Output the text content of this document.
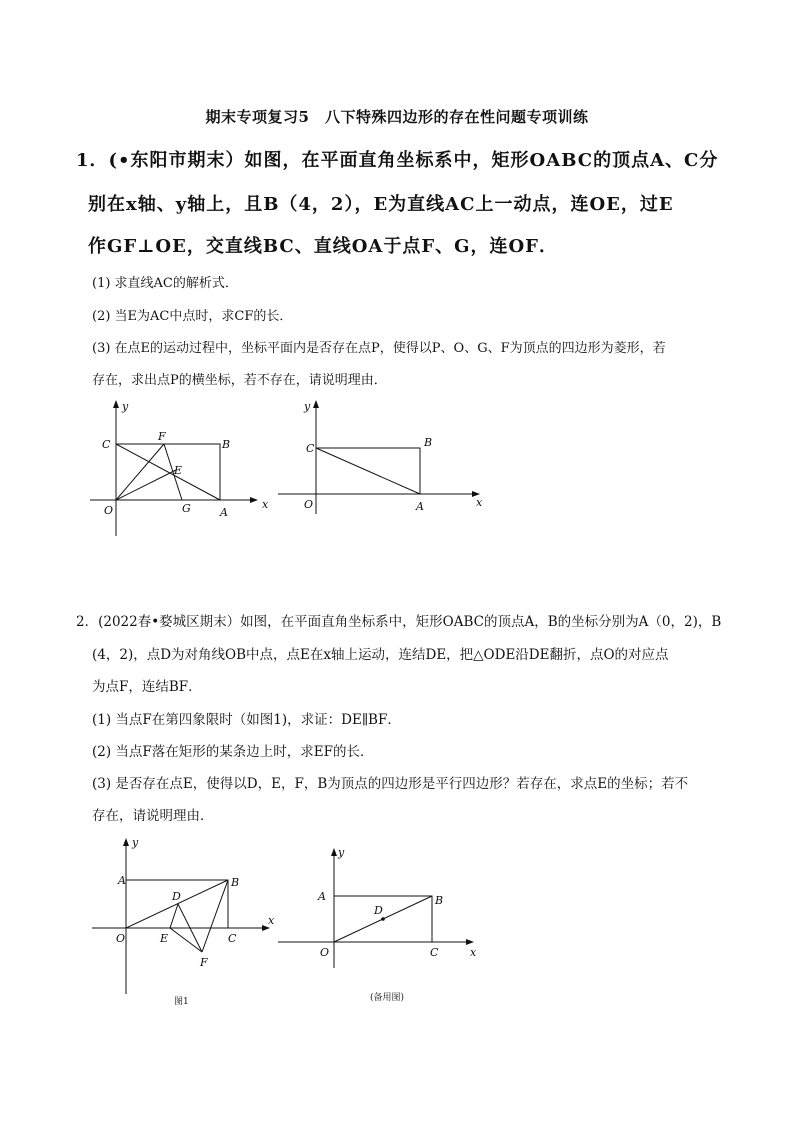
期末专项复习5　八下特殊四边形的存在性问题专项训练
1．(•东阳市期末）如图，在平面直角坐标系中，矩形OABC的顶点A、C分
别在x轴、y轴上，且B（4，2），E为直线AC上一动点，连OE，过E
作GF⊥OE，交直线BC、直线OA于点F、G，连OF．
(1) 求直线AC的解析式．
(2) 当E为AC中点时，求CF的长．
(3) 在点E的运动过程中，坐标平面内是否存在点P，使得以P、O、G、F为顶点的四边形为菱形，若
存在，求出点P的横坐标，若不存在，请说明理由．
x
y
C
F
B
E
O	G	A
x
y
C	B
O	A
2．(2022春•婺城区期末）如图，在平面直角坐标系中，矩形OABC的顶点A，B的坐标分别为A（0，2)，B
(4，2)，点D为对角线OB中点，点E在x轴上运动，连结DE，把△ODE沿DE翻折，点O的对应点
为点F，连结BF．
(1) 当点F在第四象限时（如图1)，求证：DE∥BF．
(2) 当点F落在矩形的某条边上时，求EF的长．
(3) 是否存在点E，使得以D，E，F，B为顶点的四边形是平行四边形？若存在，求点E的坐标；若不
存在，请说明理由．
x
y
A	B
D
O	E	C
F
图1
x
y
A	B
D
O	C
(备用图)
